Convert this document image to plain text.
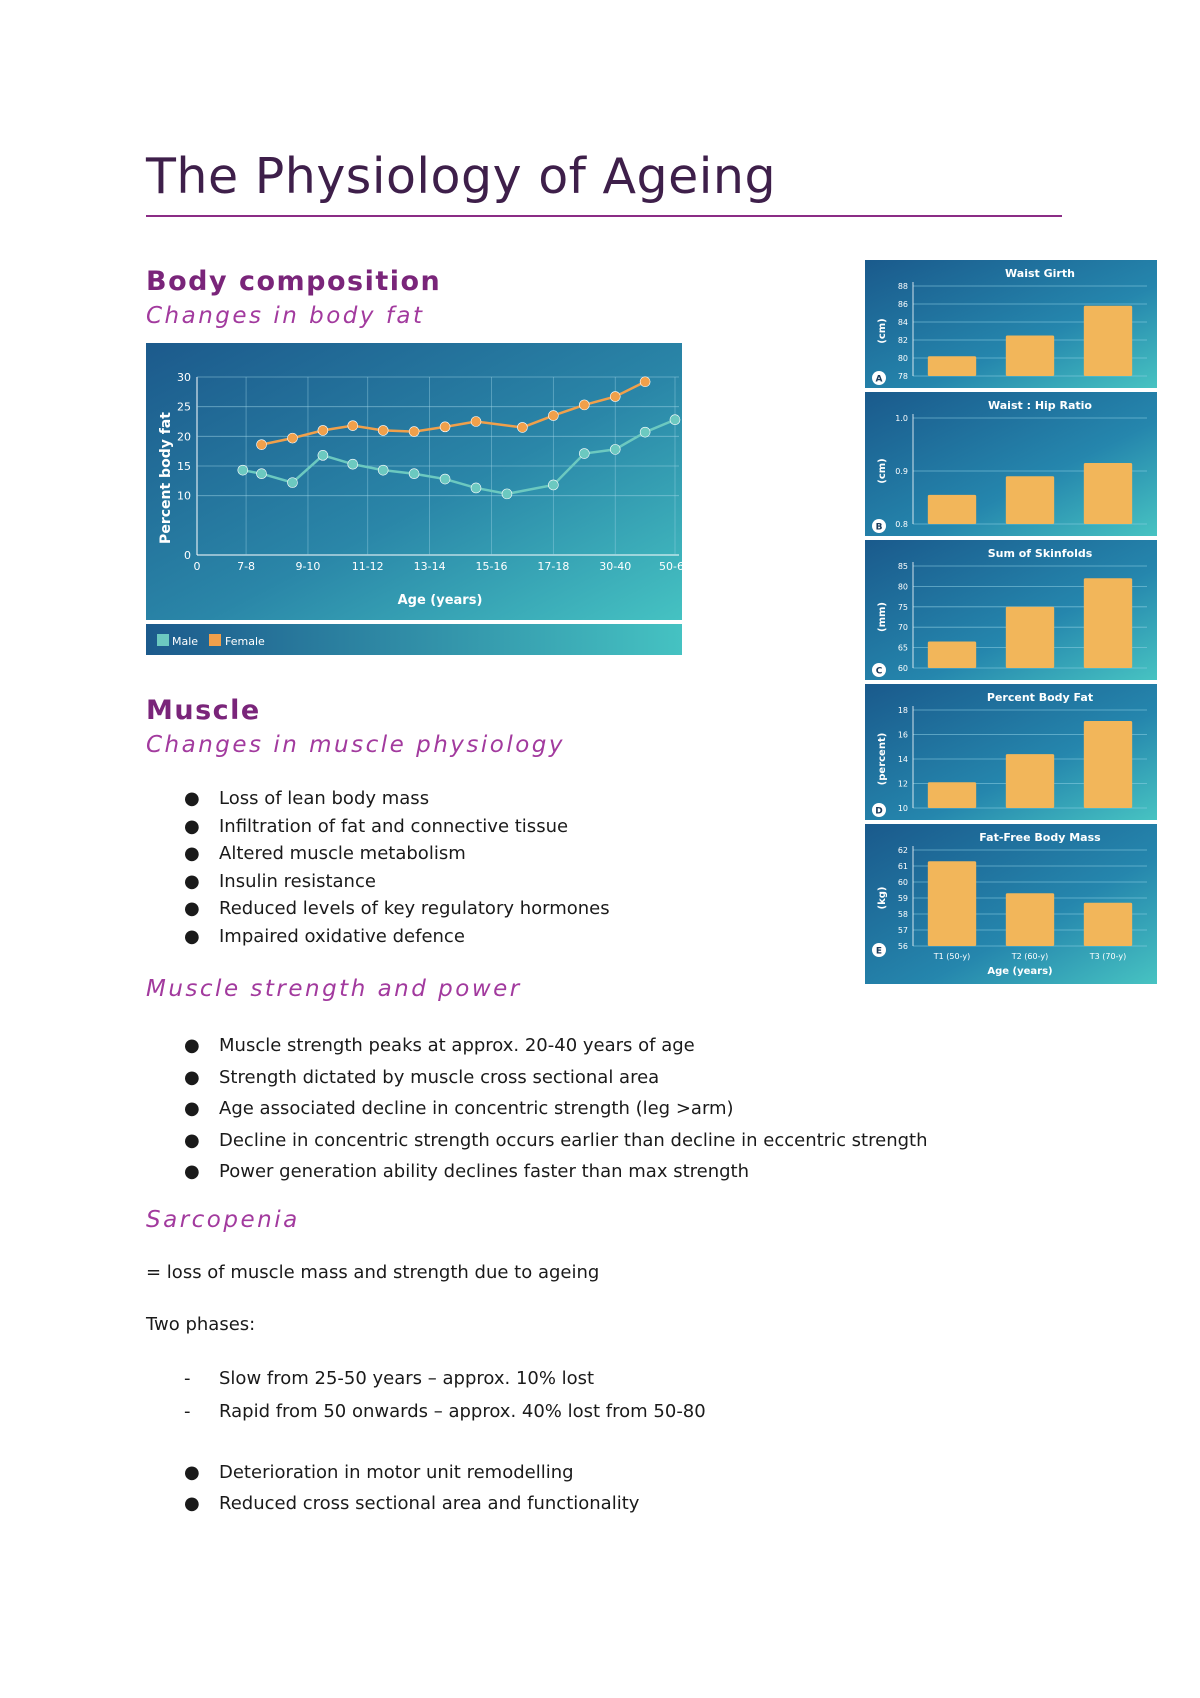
The Physiology of Ageing
Body composition
Changes in body fat
0
10
15
20
25
30
0	7-8	9-10	11-12	13-14	15-16	17-18	30-40	50-60
Age (years)
Percent body fat
Male Female
Waist Girth
78
80
82
84
86
88
(cm)
A
Waist : Hip Ratio
0.8
0.9
1.0
(cm)
B
Sum of Skinfolds
60
65
70
75
80
85
(mm)
C
Percent Body Fat
10
12
14
16
18
(percent)
D
Fat-Free Body Mass
56
57
58
59
60
61
62
(kg)
E	T1 (50-y)	T2 (60-y)	T3 (70-y)
Age (years)
Muscle
Changes in muscle physiology
● Loss of lean body mass
● Infiltration of fat and connective tissue
● Altered muscle metabolism
● Insulin resistance
● Reduced levels of key regulatory hormones
● Impaired oxidative defence
Muscle strength and power
● Muscle strength peaks at approx. 20-40 years of age
● Strength dictated by muscle cross sectional area
● Age associated decline in concentric strength (leg >arm)
● Decline in concentric strength occurs earlier than decline in eccentric strength
● Power generation ability declines faster than max strength
Sarcopenia
= loss of muscle mass and strength due to ageing
Two phases:
- Slow from 25-50 years – approx. 10% lost
- Rapid from 50 onwards – approx. 40% lost from 50-80
● Deterioration in motor unit remodelling
● Reduced cross sectional area and functionality
